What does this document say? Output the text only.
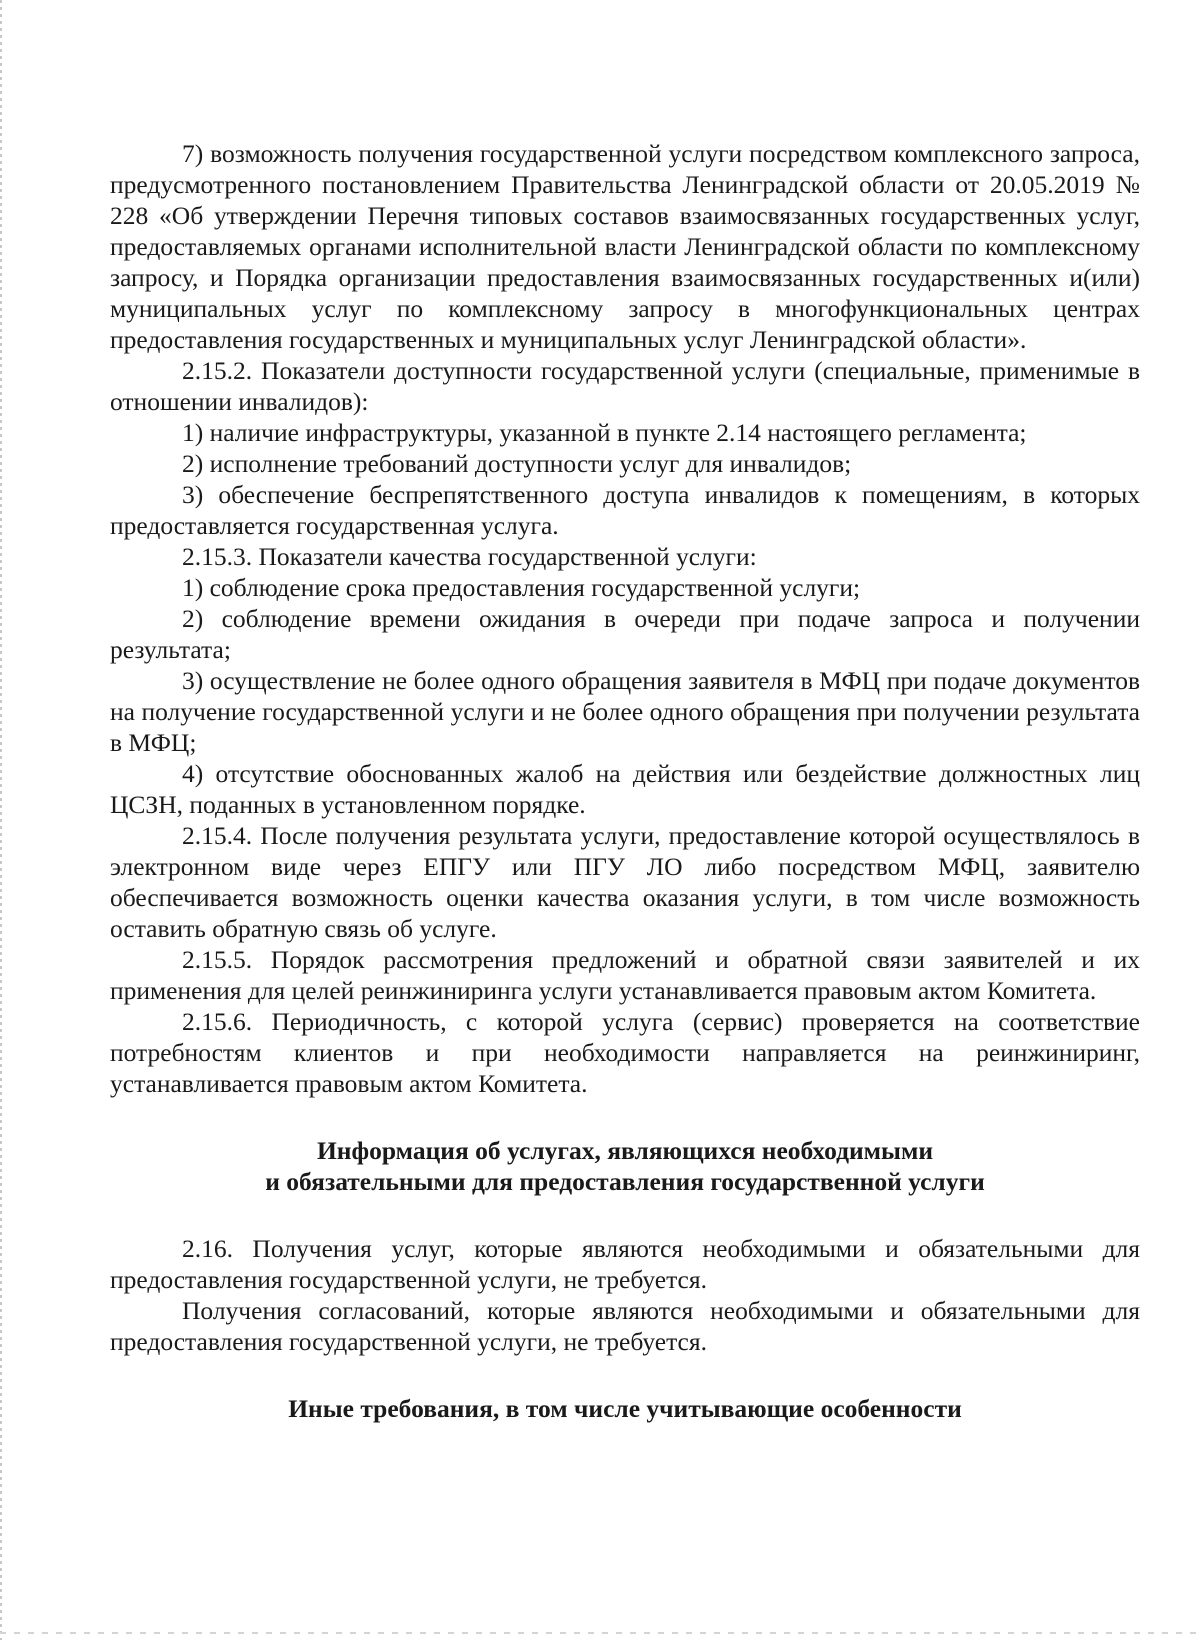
7) возможность получения государственной услуги посредством комплексного запроса, предусмотренного постановлением Правительства Ленинградской области от 20.05.2019 № 228 «Об утверждении Перечня типовых составов взаимосвязанных государственных услуг, предоставляемых органами исполнительной власти Ленинградской области по комплексному запросу, и Порядка организации предоставления взаимосвязанных государственных и(или) муниципальных услуг по комплексному запросу в многофункциональных центрах предоставления государственных и муниципальных услуг Ленинградской области».

2.15.2. Показатели доступности государственной услуги (специальные, применимые в отношении инвалидов):

1) наличие инфраструктуры, указанной в пункте 2.14 настоящего регламента;

2) исполнение требований доступности услуг для инвалидов;

3) обеспечение беспрепятственного доступа инвалидов к помещениям, в которых предоставляется государственная услуга.

2.15.3. Показатели качества государственной услуги:

1) соблюдение срока предоставления государственной услуги;

2) соблюдение времени ожидания в очереди при подаче запроса и получении результата;

3) осуществление не более одного обращения заявителя в МФЦ при подаче документов на получение государственной услуги и не более одного обращения при получении результата в МФЦ;

4) отсутствие обоснованных жалоб на действия или бездействие должностных лиц ЦСЗН, поданных в установленном порядке.

2.15.4. После получения результата услуги, предоставление которой осуществлялось в электронном виде через ЕПГУ или ПГУ ЛО либо посредством МФЦ, заявителю обеспечивается возможность оценки качества оказания услуги, в том числе возможность оставить обратную связь об услуге.

2.15.5. Порядок рассмотрения предложений и обратной связи заявителей и их применения для целей реинжиниринга услуги устанавливается правовым актом Комитета.

2.15.6. Периодичность, с которой услуга (сервис) проверяется на соответствие потребностям клиентов и при необходимости направляется на реинжиниринг, устанавливается правовым актом Комитета.

Информация об услугах, являющихся необходимыми

и обязательными для предоставления государственной услуги

2.16. Получения услуг, которые являются необходимыми и обязательными для предоставления государственной услуги, не требуется.

Получения согласований, которые являются необходимыми и обязательными для предоставления государственной услуги, не требуется.

Иные требования, в том числе учитывающие особенности
